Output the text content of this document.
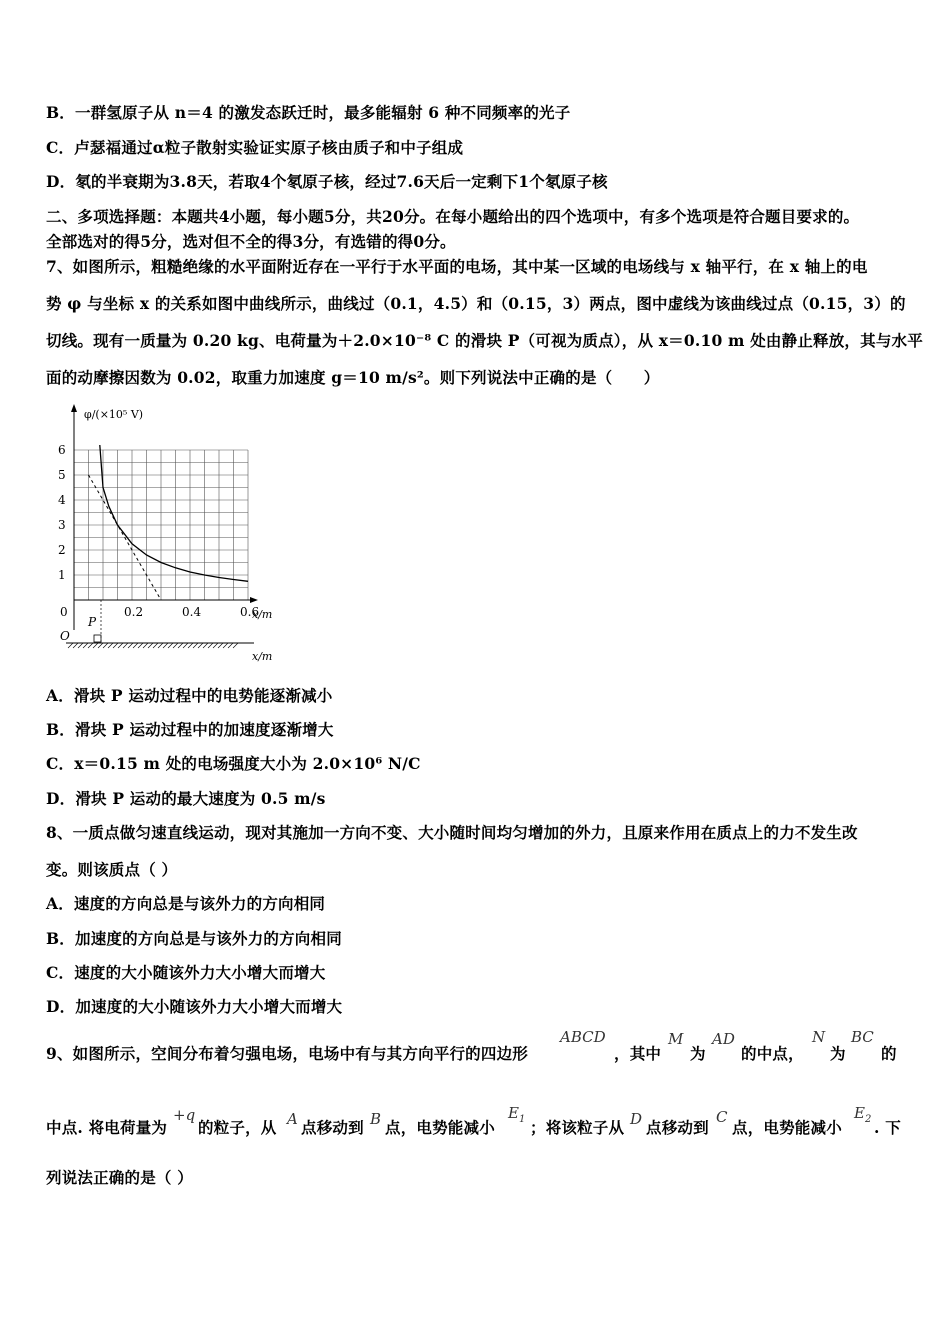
B．一群氢原子从 n＝4 的激发态跃迁时，最多能辐射 6 种不同频率的光子
C．卢瑟福通过α粒子散射实验证实原子核由质子和中子组成
D．氡的半衰期为3.8天，若取4个氡原子核，经过7.6天后一定剩下1个氡原子核
二、多项选择题：本题共4小题，每小题5分，共20分。在每小题给出的四个选项中，有多个选项是符合题目要求的。
全部选对的得5分，选对但不全的得3分，有选错的得0分。
7、如图所示，粗糙绝缘的水平面附近存在一平行于水平面的电场，其中某一区域的电场线与 x 轴平行，在 x 轴上的电
势 φ 与坐标 x 的关系如图中曲线所示，曲线过（0.1，4.5）和（0.15，3）两点，图中虚线为该曲线过点（0.15，3）的
切线。现有一质量为 0.20 kg、电荷量为＋2.0×10⁻⁸ C 的滑块 P（可视为质点），从 x＝0.10 m 处由静止释放，其与水平
面的动摩擦因数为 0.02，取重力加速度 g＝10 m/s²。则下列说法中正确的是（　　）
φ/(×10⁵ V)
x/m
1
2
3
4
5
6
0	0.2	0.4	0.6
O
P
x/m
A．滑块 P 运动过程中的电势能逐渐减小
B．滑块 P 运动过程中的加速度逐渐增大
C．x＝0.15 m 处的电场强度大小为 2.0×10⁶ N/C
D．滑块 P 运动的最大速度为 0.5 m/s
8、一质点做匀速直线运动，现对其施加一方向不变、大小随时间均匀增加的外力，且原来作用在质点上的力不发生改
变。则该质点（ ）
A．速度的方向总是与该外力的方向相同
B．加速度的方向总是与该外力的方向相同
C．速度的大小随该外力大小增大而增大
D．加速度的大小随该外力大小增大而增大
9、如图所示，空间分布着匀强电场，电场中有与其方向平行的四边形
ABCD
，其中
M
为
AD
的中点，
N
为
BC
的
中点. 将电荷量为
+q
的粒子，从 A 点移动到 B 点，电势能减小
$E_1$ ；将该粒子从 D 点移动到
C
点，电势能减小
$E_2$ . 下
列说法正确的是（ ）
